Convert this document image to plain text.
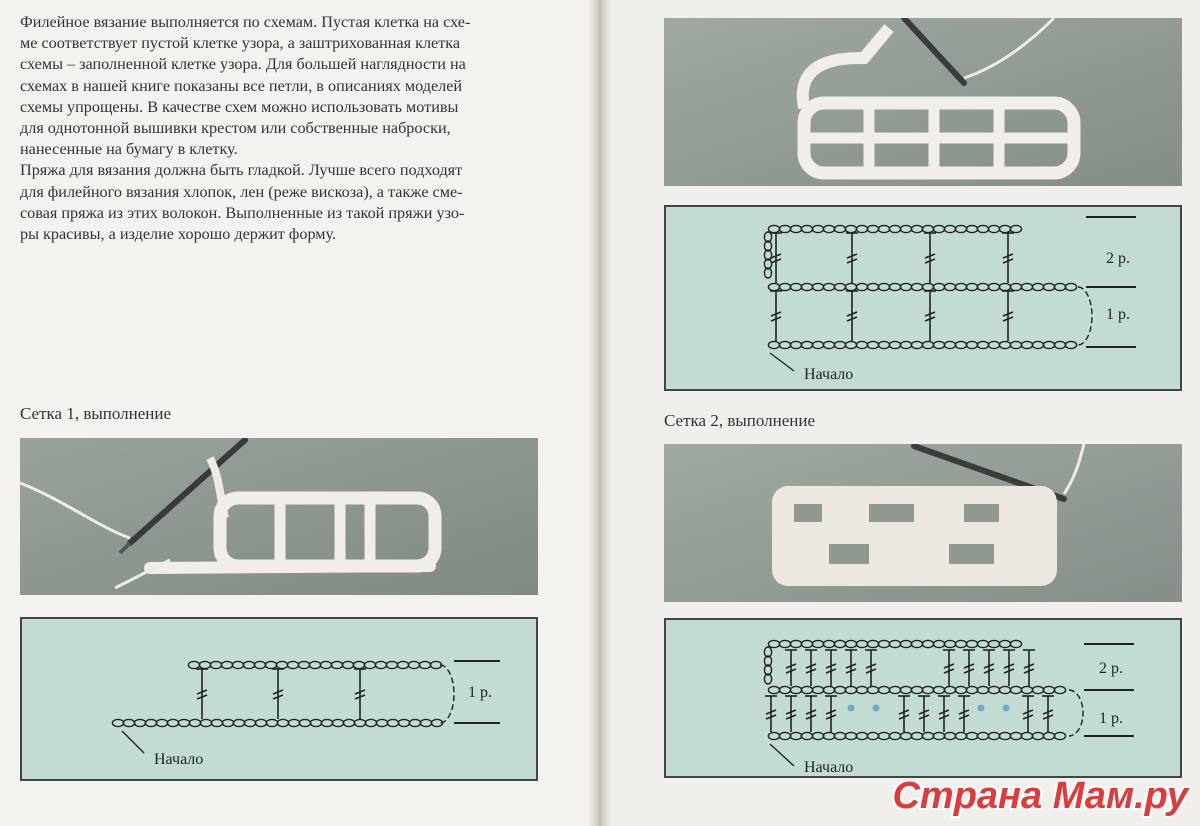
Филейное вязание выполняется по схемам. Пустая клетка на схе-
ме соответствует пустой клетке узора, а заштрихованная клетка
схемы – заполненной клетке узора. Для большей наглядности на
схемах в нашей книге показаны все петли, в описаниях моделей
схемы упрощены. В качестве схем можно использовать мотивы
для однотонной вышивки крестом или собственные наброски,
нанесенные на бумагу в клетку.

Пряжа для вязания должна быть гладкой. Лучше всего подходят
для филейного вязания хлопок, лен (реже вискоза), а также сме-
совая пряжа из этих волокон. Выполненные из такой пряжи узо-
ры красивы, а изделие хорошо держит форму.

Сетка 1, выполнение
1 р.
Начало
2 р.
1 р.
Начало
Сетка 2, выполнение
2 р.
1 р.
Начало
Страна Мам.ру
